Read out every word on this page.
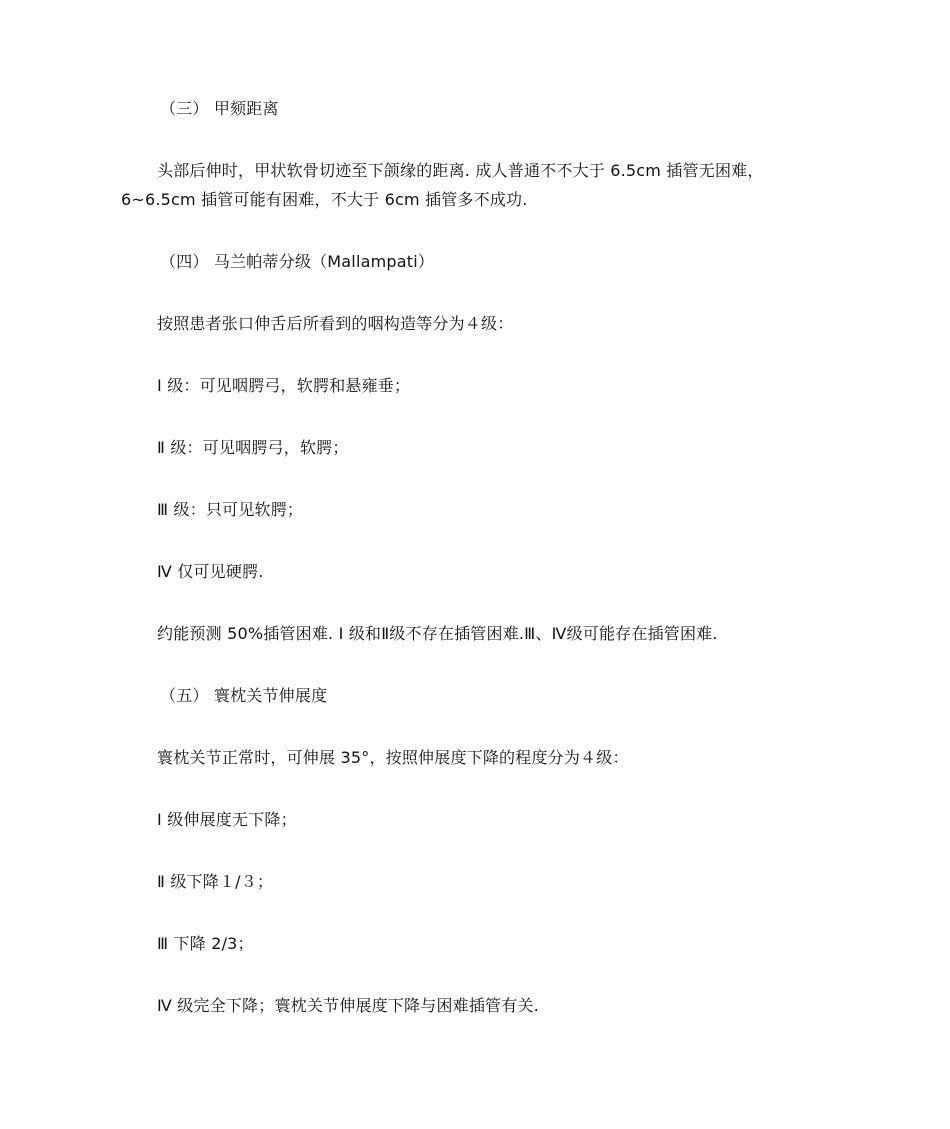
（三） 甲颏距离

头部后伸时，甲状软骨切迹至下颌缘的距离. 成人普通不不大于 6.5cm 插管无困难，

6~6.5cm 插管可能有困难，不大于 6cm 插管多不成功.

（四） 马兰帕蒂分级（Mallampati）

按照患者张口伸舌后所看到的咽构造等分为４级：

Ⅰ 级：可见咽腭弓，软腭和悬雍垂；

Ⅱ 级：可见咽腭弓，软腭；

Ⅲ 级：只可见软腭；

Ⅳ 仅可见硬腭.

约能预测 50%插管困难. Ⅰ 级和Ⅱ级不存在插管困难.Ⅲ、Ⅳ级可能存在插管困难.

（五） 寰枕关节伸展度

寰枕关节正常时，可伸展 35°，按照伸展度下降的程度分为４级：

Ⅰ 级伸展度无下降；

Ⅱ 级下降１/３；

Ⅲ 下降 2/3；

Ⅳ 级完全下降；寰枕关节伸展度下降与困难插管有关.
